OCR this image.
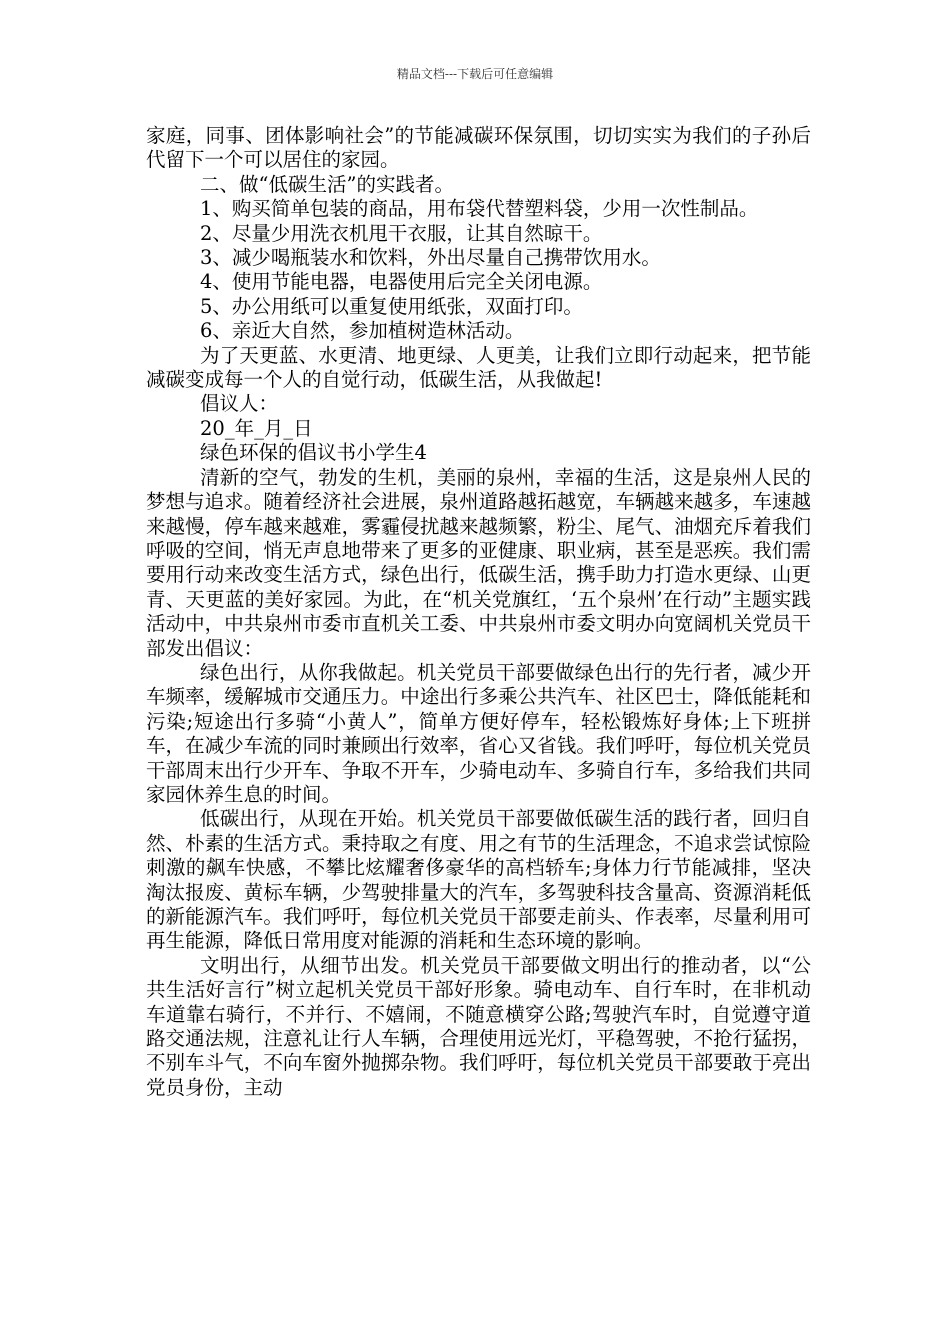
精品文档---下载后可任意编辑

家庭，同事、团体影响社会”的节能减碳环保氛围，切切实实为我们的子孙后代留下一个可以居住的家园。

二、做“低碳生活”的实践者。

1、购买简单包装的商品，用布袋代替塑料袋，少用一次性制品。

2、尽量少用洗衣机甩干衣服，让其自然晾干。

3、减少喝瓶装水和饮料，外出尽量自己携带饮用水。

4、使用节能电器，电器使用后完全关闭电源。

5、办公用纸可以重复使用纸张，双面打印。

6、亲近大自然，参加植树造林活动。

为了天更蓝、水更清、地更绿、人更美，让我们立即行动起来，把节能减碳变成每一个人的自觉行动，低碳生活，从我做起!

倡议人：

20_年_月_日

绿色环保的倡议书小学生4

清新的空气，勃发的生机，美丽的泉州，幸福的生活，这是泉州人民的梦想与追求。随着经济社会进展，泉州道路越拓越宽，车辆越来越多，车速越来越慢，停车越来越难，雾霾侵扰越来越频繁，粉尘、尾气、油烟充斥着我们呼吸的空间，悄无声息地带来了更多的亚健康、职业病，甚至是恶疾。我们需要用行动来改变生活方式，绿色出行，低碳生活，携手助力打造水更绿、山更青、天更蓝的美好家园。为此，在“机关党旗红，‘五个泉州’在行动”主题实践活动中，中共泉州市委市直机关工委、中共泉州市委文明办向宽阔机关党员干部发出倡议：

绿色出行，从你我做起。机关党员干部要做绿色出行的先行者，减少开车频率，缓解城市交通压力。中途出行多乘公共汽车、社区巴士，降低能耗和污染;短途出行多骑“小黄人”，简单方便好停车，轻松锻炼好身体;上下班拼车，在减少车流的同时兼顾出行效率，省心又省钱。我们呼吁，每位机关党员干部周末出行少开车、争取不开车，少骑电动车、多骑自行车，多给我们共同家园休养生息的时间。

低碳出行，从现在开始。机关党员干部要做低碳生活的践行者，回归自然、朴素的生活方式。秉持取之有度、用之有节的生活理念，不追求尝试惊险刺激的飙车快感，不攀比炫耀奢侈豪华的高档轿车;身体力行节能减排，坚决淘汰报废、黄标车辆，少驾驶排量大的汽车，多驾驶科技含量高、资源消耗低的新能源汽车。我们呼吁，每位机关党员干部要走前头、作表率，尽量利用可再生能源，降低日常用度对能源的消耗和生态环境的影响。

文明出行，从细节出发。机关党员干部要做文明出行的推动者，以“公共生活好言行”树立起机关党员干部好形象。骑电动车、自行车时，在非机动车道靠右骑行，不并行、不嬉闹，不随意横穿公路;驾驶汽车时，自觉遵守道路交通法规，注意礼让行人车辆，合理使用远光灯，平稳驾驶，不抢行猛拐，不别车斗气，不向车窗外抛掷杂物。我们呼吁，每位机关党员干部要敢于亮出党员身份，主动
